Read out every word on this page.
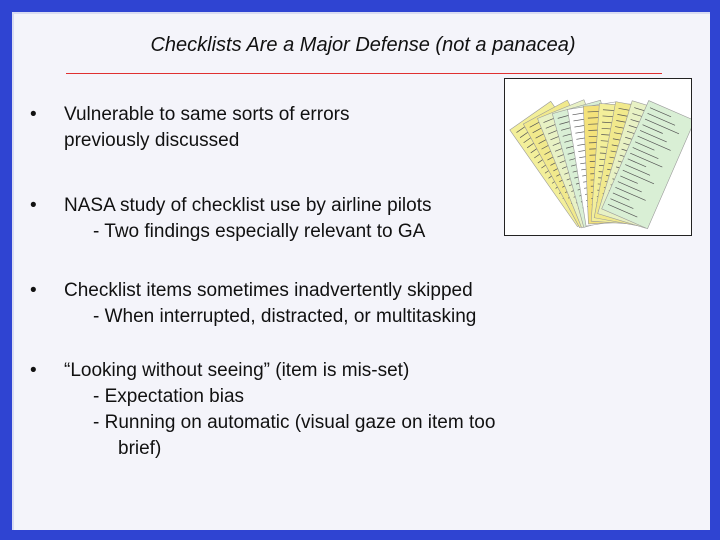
Checklists Are a Major Defense (not a panacea)
• Vulnerable to same sorts of errors
previously discussed
• NASA study of checklist use by airline pilots
- Two findings especially relevant to GA
• Checklist items sometimes inadvertently skipped
- When interrupted, distracted, or multitasking
• “Looking without seeing” (item is mis-set)
- Expectation bias
- Running on automatic (visual gaze on item too
brief)
